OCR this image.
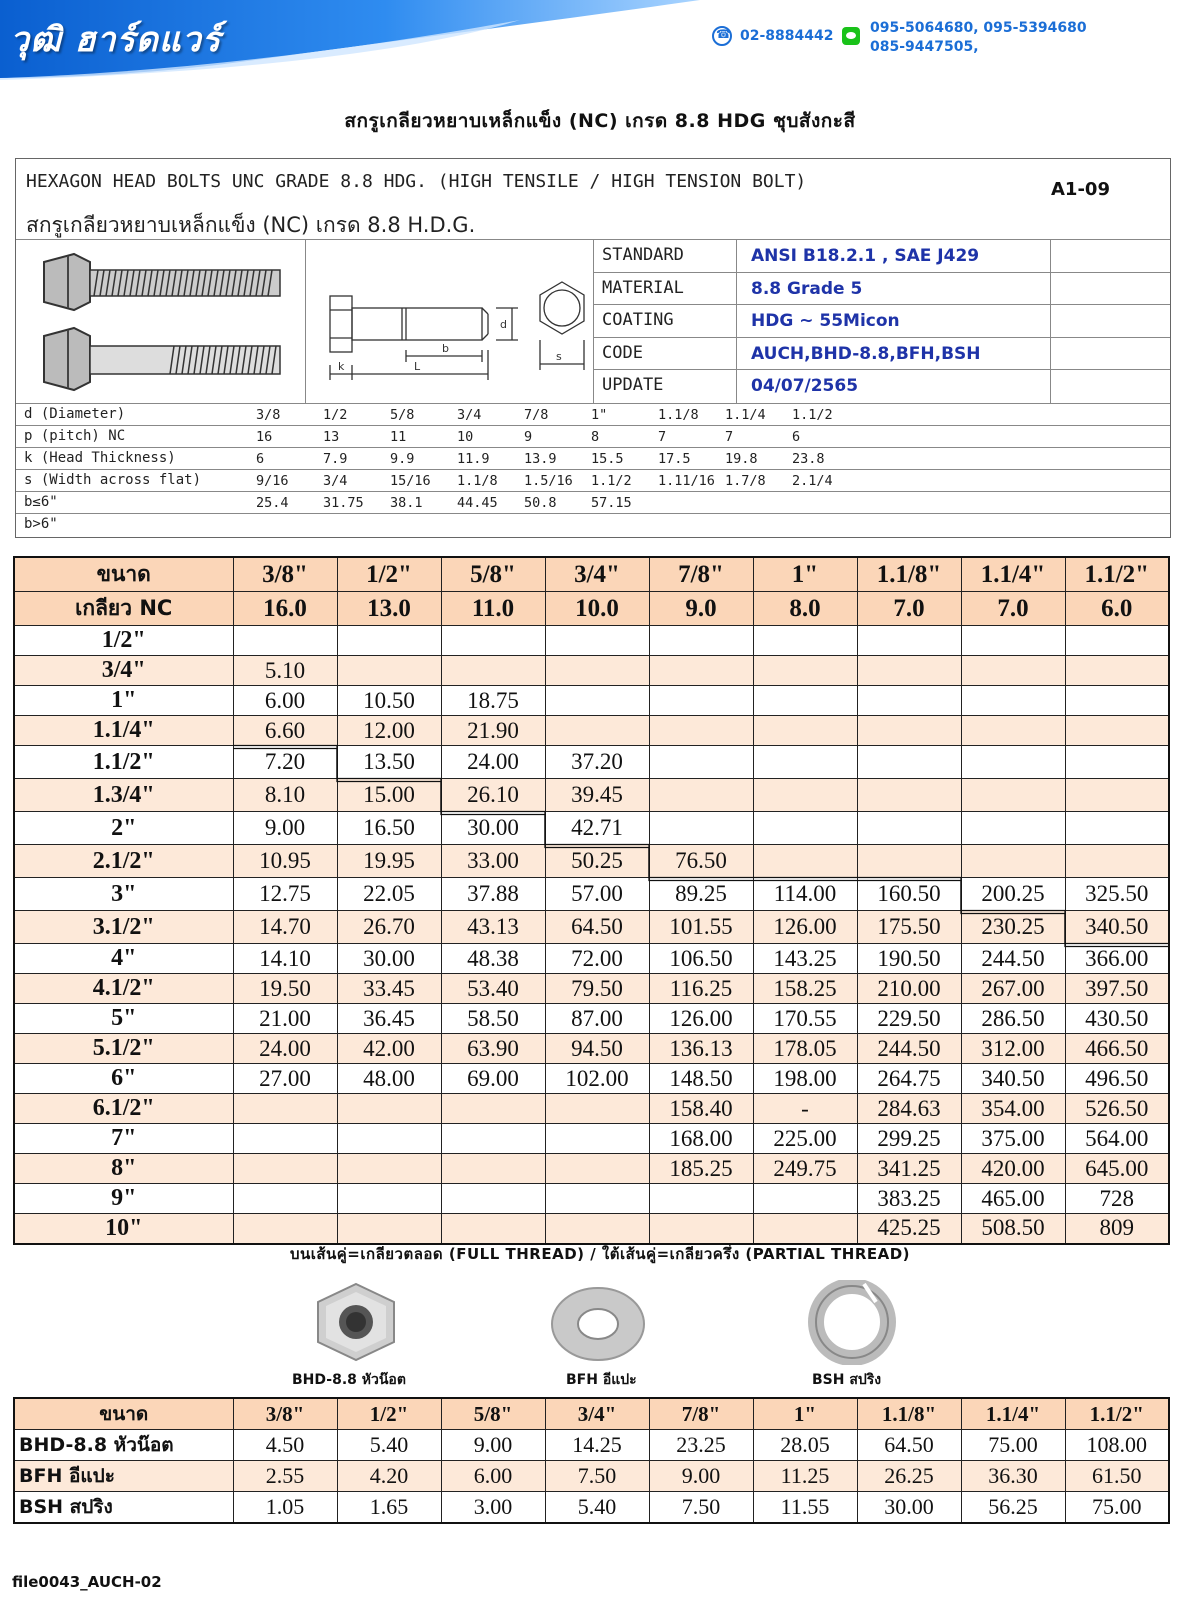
วุฒิ ฮาร์ดแวร์ ☎	02-8884442	095-5064680, 095-5394680
085-9447505,
สกรูเกลียวหยาบเหล็กแข็ง (NC) เกรด 8.8 HDG ชุบสังกะสี
HEXAGON HEAD BOLTS UNC GRADE 8.8 HDG. (HIGH TENSILE / HIGH TENSION BOLT)
สกรูเกลียวหยาบเหล็กแข็ง (NC) เกรด 8.8 H.D.G.
A1-09
k	L
b
d
s
STANDARD	ANSI B18.2.1 , SAE J429
MATERIAL	8.8 Grade 5
COATING	HDG ~ 55Micon
CODE	AUCH,BHD-8.8,BFH,BSH
UPDATE	04/07/2565
d (Diameter)	3/8	1/2	5/8	3/4	7/8	1"	1.1/8 1.1/4 1.1/2
p (pitch) NC	16	13	11	10	9	8	7	7	6
k (Head Thickness)	6	7.9	9.9	11.9	13.9	15.5	17.5	19.8	23.8
s (Width across flat)	9/16	3/4	15/16 1.1/8 1.5/16 1.1/2 1.11/16 1.7/8 2.1/4
b≤6"	25.4	31.75 38.1	44.45 50.8	57.15
b>6"
ขนาด	3/8"	1/2"	5/8"	3/4"	7/8"	1"	1.1/8"	1.1/4"	1.1/2"
เกลียว NC	16.0	13.0	11.0	10.0	9.0	8.0	7.0	7.0	6.0
1/2"									
3/4"	5.10								
1"	6.00	10.50	18.75						
1.1/4"	6.60	12.00	21.90						
1.1/2"	7.20	13.50	24.00	37.20					
1.3/4"	8.10	15.00	26.10	39.45					
2"	9.00	16.50	30.00	42.71					
2.1/2"	10.95	19.95	33.00	50.25	76.50				
3"	12.75	22.05	37.88	57.00	89.25	114.00	160.50	200.25	325.50
3.1/2"	14.70	26.70	43.13	64.50	101.55	126.00	175.50	230.25	340.50
4"	14.10	30.00	48.38	72.00	106.50	143.25	190.50	244.50	366.00
4.1/2"	19.50	33.45	53.40	79.50	116.25	158.25	210.00	267.00	397.50
5"	21.00	36.45	58.50	87.00	126.00	170.55	229.50	286.50	430.50
5.1/2"	24.00	42.00	63.90	94.50	136.13	178.05	244.50	312.00	466.50
6"	27.00	48.00	69.00	102.00	148.50	198.00	264.75	340.50	496.50
6.1/2"					158.40	-	284.63	354.00	526.50
7"					168.00	225.00	299.25	375.00	564.00
8"					185.25	249.75	341.25	420.00	645.00
9"							383.25	465.00	728
10"							425.25	508.50	809
บนเส้นคู่=เกลียวตลอด (FULL THREAD) / ใต้เส้นคู่=เกลียวครึ่ง (PARTIAL THREAD)
BHD-8.8 หัวน๊อต	BFH อีแปะ	BSH สปริง
ขนาด	3/8"	1/2"	5/8"	3/4"	7/8"	1"	1.1/8"	1.1/4"	1.1/2"
BHD-8.8 หัวน๊อต	4.50	5.40	9.00	14.25	23.25	28.05	64.50	75.00	108.00
BFH อีแปะ	2.55	4.20	6.00	7.50	9.00	11.25	26.25	36.30	61.50
BSH สปริง	1.05	1.65	3.00	5.40	7.50	11.55	30.00	56.25	75.00
file0043_AUCH-02
